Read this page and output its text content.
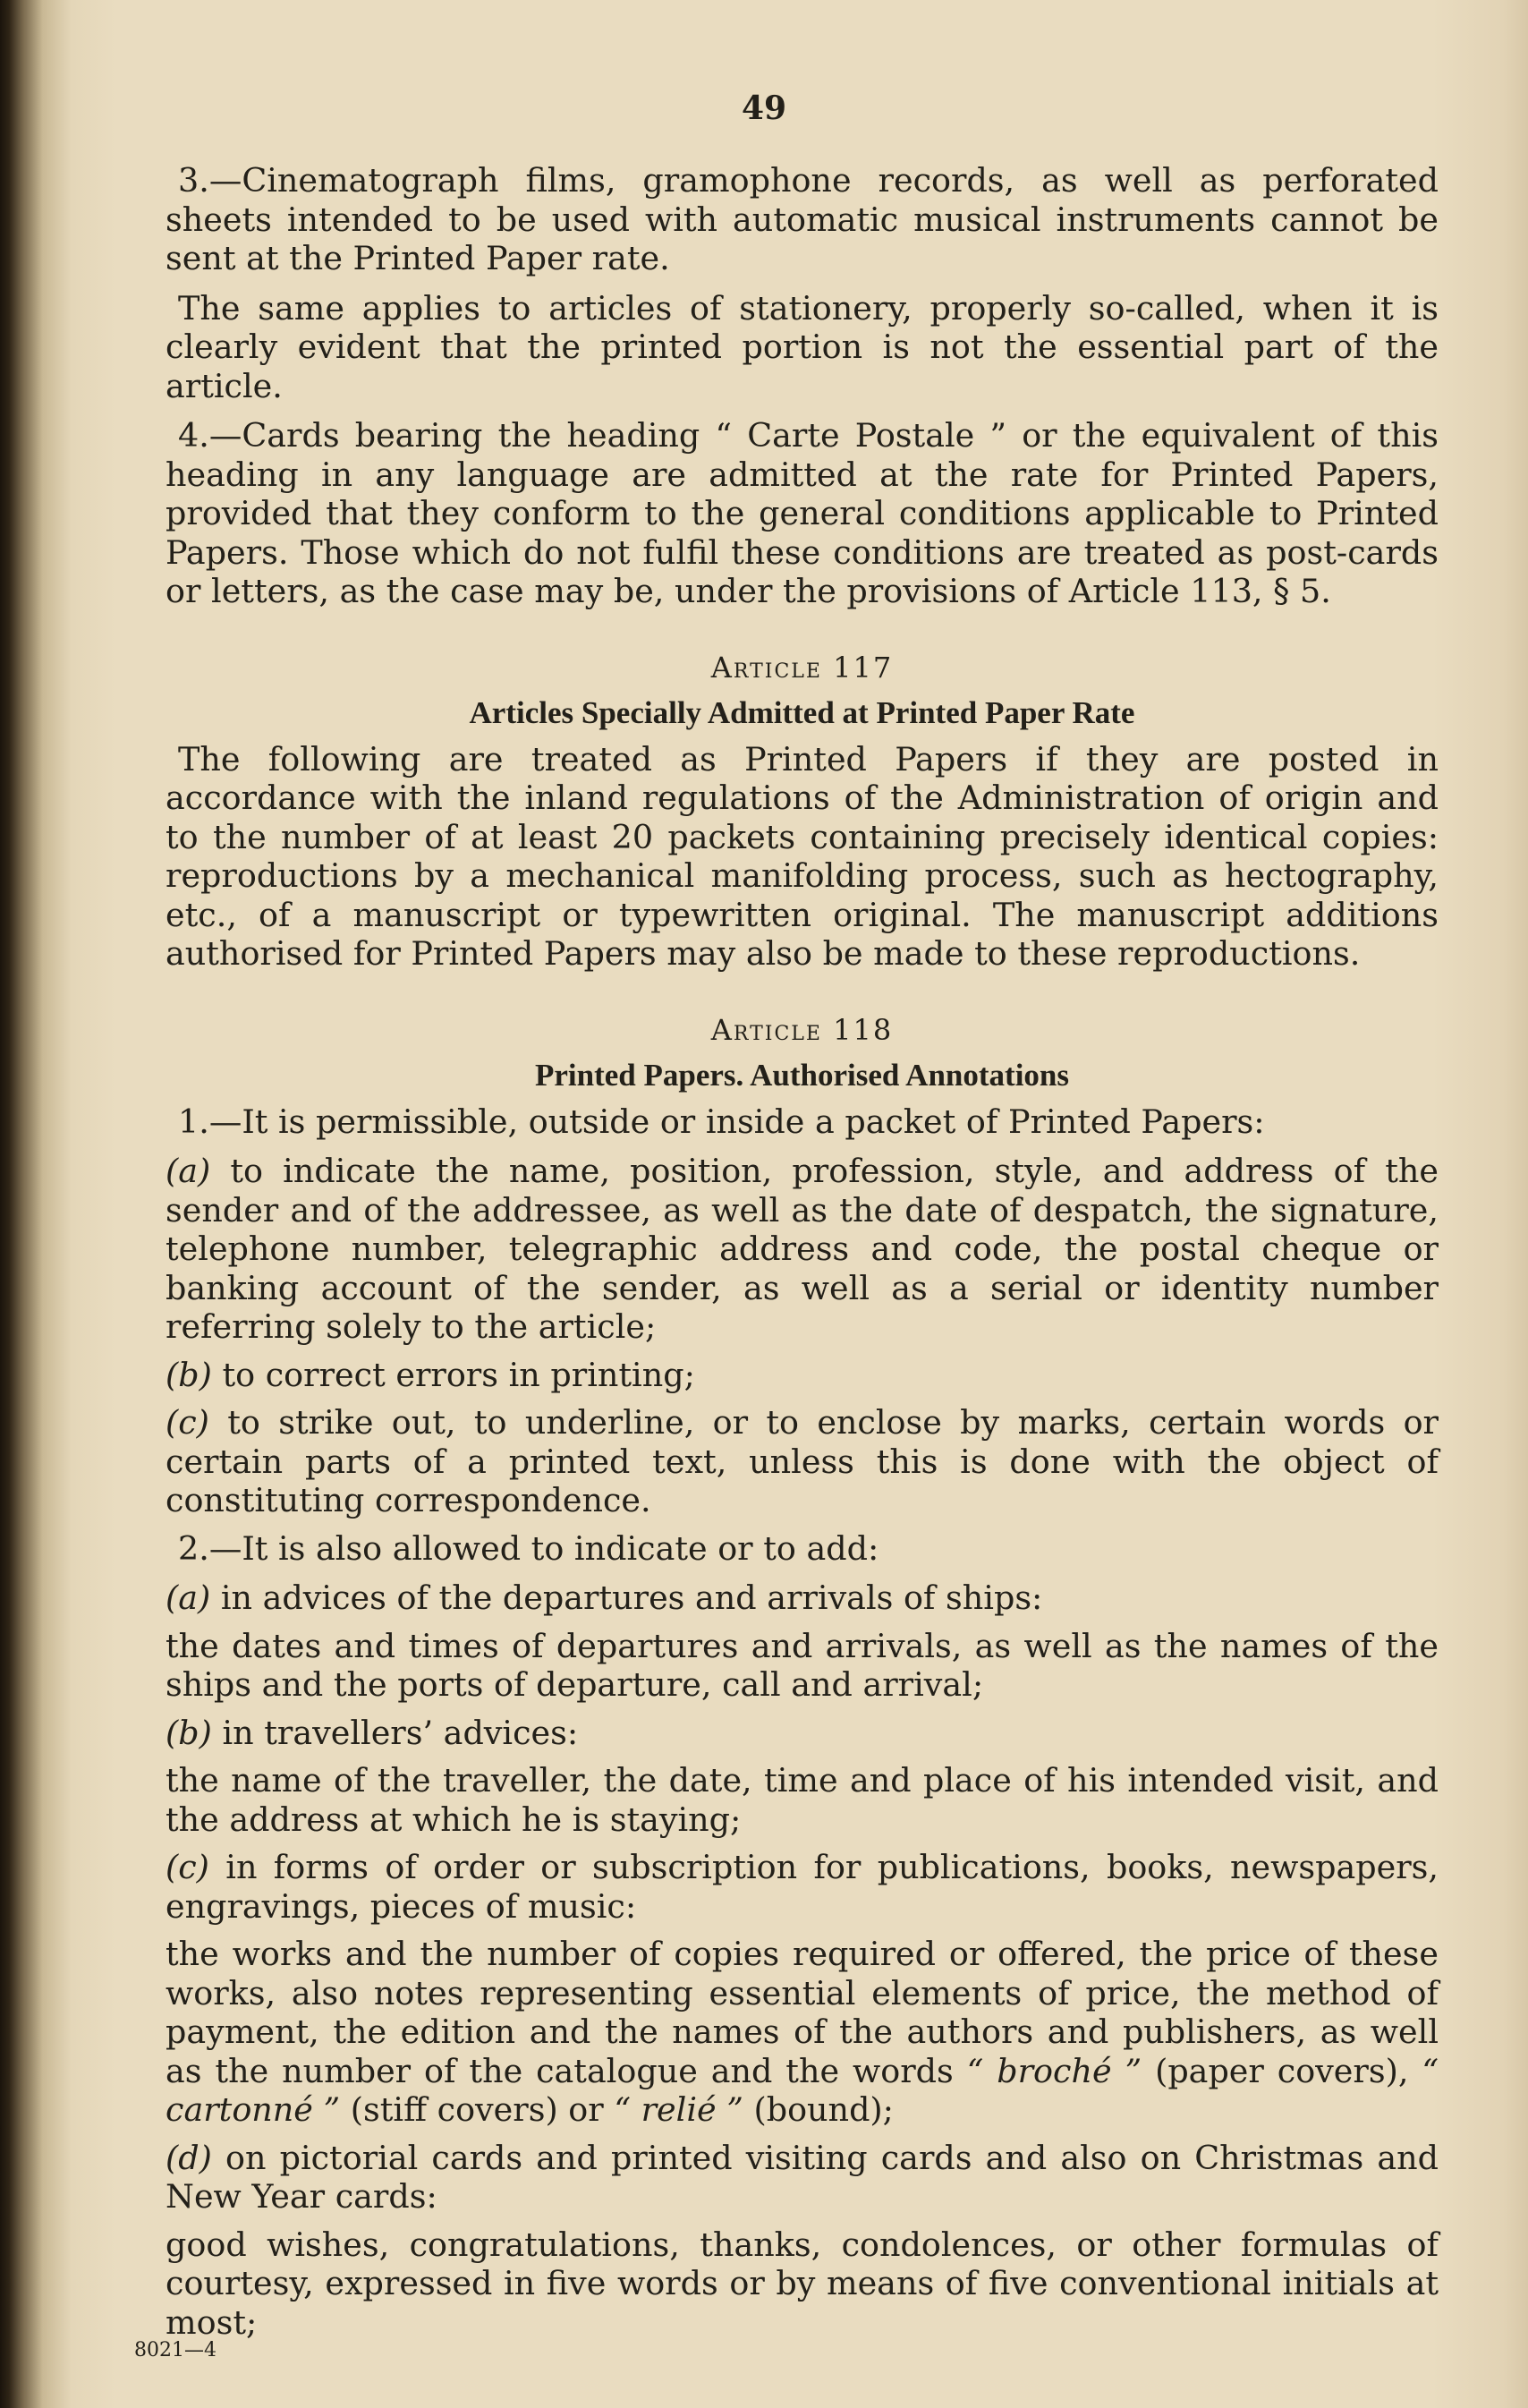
49

3.—Cinematograph films, gramophone records, as well as perforated sheets intended to be used with automatic musical instruments cannot be sent at the Printed Paper rate.

The same applies to articles of stationery, properly so-called, when it is clearly evident that the printed portion is not the essential part of the article.

4.—Cards bearing the heading “ Carte Postale ” or the equivalent of this heading in any language are admitted at the rate for Printed Papers, provided that they conform to the general conditions applicable to Printed Papers. Those which do not fulfil these conditions are treated as post-cards or letters, as the case may be, under the provisions of Article 113, § 5.

Article 117
Articles Specially Admitted at Printed Paper Rate

The following are treated as Printed Papers if they are posted in accordance with the inland regulations of the Administration of origin and to the number of at least 20 packets containing precisely identical copies: reproductions by a mechanical manifolding process, such as hectography, etc., of a manuscript or typewritten original. The manuscript additions authorised for Printed Papers may also be made to these reproductions.

Article 118
Printed Papers. Authorised Annotations

1.—It is permissible, outside or inside a packet of Printed Papers:

(a) to indicate the name, position, profession, style, and address of the sender and of the addressee, as well as the date of despatch, the signature, telephone number, telegraphic address and code, the postal cheque or banking account of the sender, as well as a serial or identity number referring solely to the article;

(b) to correct errors in printing;

(c) to strike out, to underline, or to enclose by marks, certain words or certain parts of a printed text, unless this is done with the object of constituting correspondence.

2.—It is also allowed to indicate or to add:

(a) in advices of the departures and arrivals of ships:

the dates and times of departures and arrivals, as well as the names of the ships and the ports of departure, call and arrival;

(b) in travellers’ advices:

the name of the traveller, the date, time and place of his intended visit, and the address at which he is staying;

(c) in forms of order or subscription for publications, books, newspapers, engravings, pieces of music:

the works and the number of copies required or offered, the price of these works, also notes representing essential elements of price, the method of payment, the edition and the names of the authors and publishers, as well as the number of the catalogue and the words “ broché ” (paper covers), “ cartonné ” (stiff covers) or “ relié ” (bound);

(d) on pictorial cards and printed visiting cards and also on Christmas and New Year cards:

good wishes, congratulations, thanks, condolences, or other formulas of courtesy, expressed in five words or by means of five conventional initials at most;

8021—4
